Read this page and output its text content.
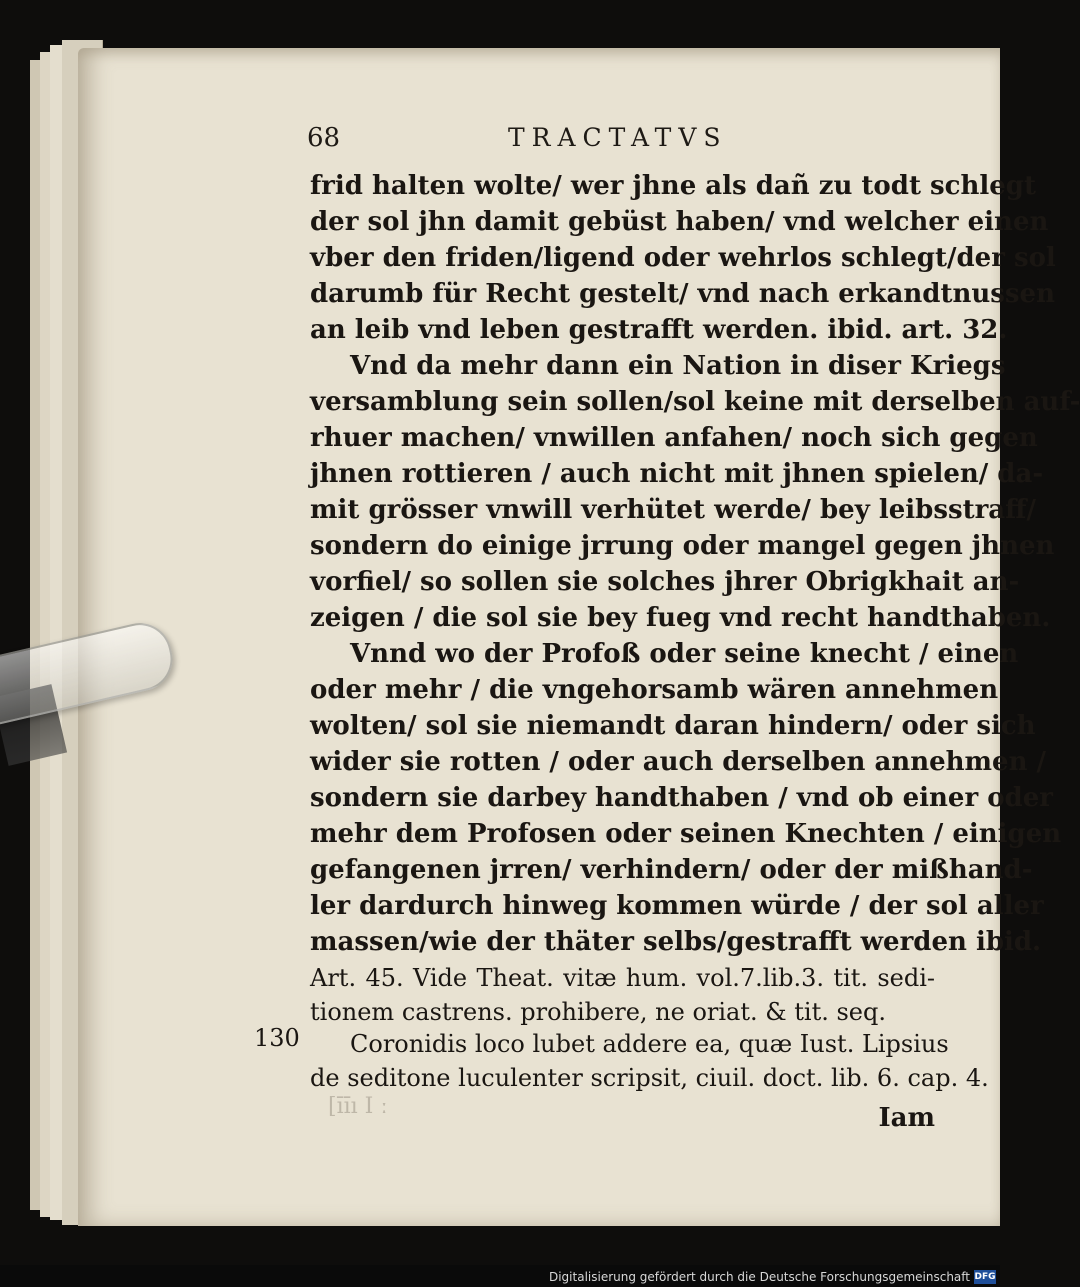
68	TRACTATVS
frid halten wolte/ wer jhne als dañ zu todt schlegt
der sol jhn damit gebüst haben/ vnd welcher einen
vber den friden/ligend oder wehrlos schlegt/der sol
darumb für Recht gestelt/ vnd nach erkandtnussen
an leib vnd leben gestrafft werden. ibid. art. 32.
Vnd da mehr dann ein Nation in diser Kriegs
versamblung sein sollen/sol keine mit derselben auf-
rhuer machen/ vnwillen anfahen/ noch sich gegen
jhnen rottieren / auch nicht mit jhnen spielen/ da-
mit grösser vnwill verhütet werde/ bey leibsstraff/
sondern do einige jrrung oder mangel gegen jhnen
vorfiel/ so sollen sie solches jhrer Obrigkhait an-
zeigen / die sol sie bey fueg vnd recht handthaben.
Vnnd wo der Profoß oder seine knecht / einen
oder mehr / die vngehorsamb wären annehmen
wolten/ sol sie niemandt daran hindern/ oder sich
wider sie rotten / oder auch derselben annehmen /
sondern sie darbey handthaben / vnd ob einer oder
mehr dem Profosen oder seinen Knechten / einigen
gefangenen jrren/ verhindern/ oder der mißhand-
ler dardurch hinweg kommen würde / der sol aller
massen/wie der thäter selbs/gestrafft werden ibid.
Art. 45. Vide Theat. vitæ hum. vol.7.lib.3. tit. sedi-
tionem castrens. prohibere, ne oriat. & tit. seq.
Coronidis loco lubet addere ea, quæ Iust. Lipsius
de seditone luculenter scripsit, ciuil. doct. lib. 6. cap. 4.
Iam
130
[ı̄ı̄ı I ː
Digitalisierung gefördert durch die Deutsche Forschungsgemeinschaft DFG
